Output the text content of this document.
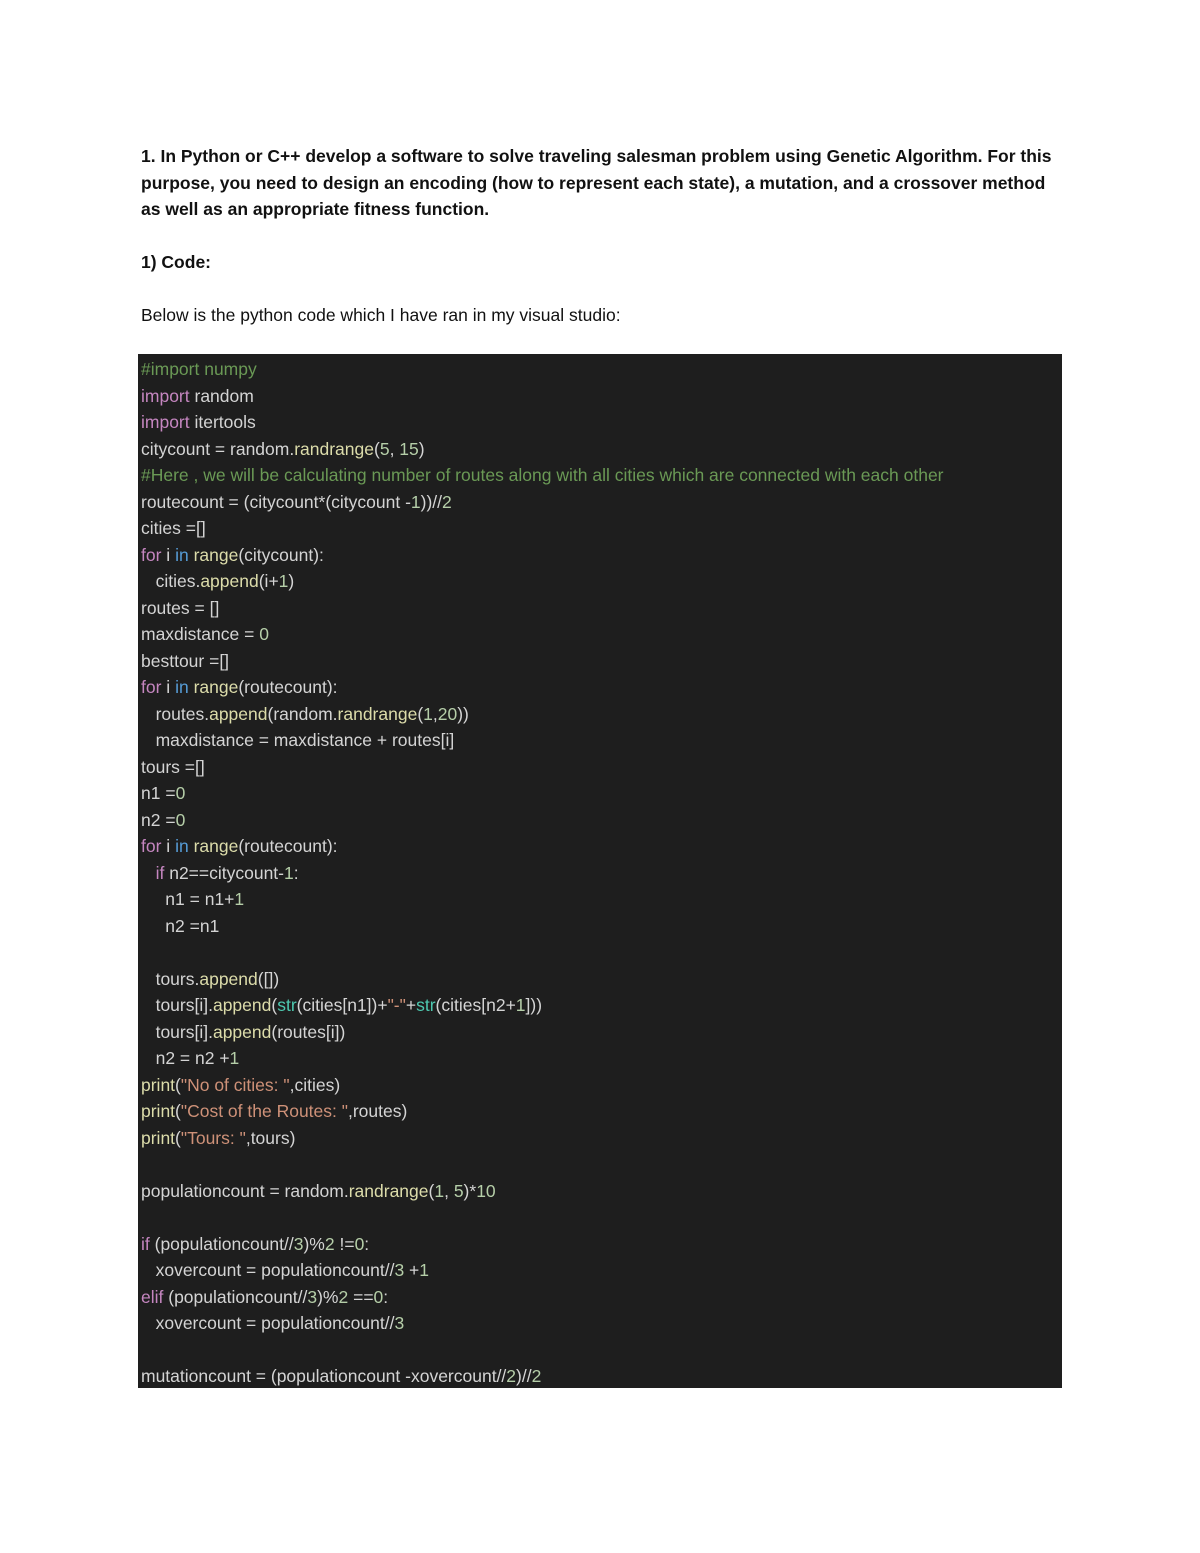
1. In Python or C++ develop a software to solve traveling salesman problem using Genetic Algorithm. For this purpose, you need to design an encoding (how to represent each state), a mutation, and a crossover method as well as an appropriate fitness function.
1) Code:
Below is the python code which I have ran in my visual studio:
#import numpy
import random
import itertools
citycount = random.randrange(5, 15)
#Here , we will be calculating number of routes along with all cities which are connected with each other
routecount = (citycount*(citycount -1))//2
cities =[]
for i in range(citycount):
cities.append(i+1)
routes = []
maxdistance = 0
besttour =[]
for i in range(routecount):
routes.append(random.randrange(1,20))
maxdistance = maxdistance + routes[i]
tours =[]
n1 =0
n2 =0
for i in range(routecount):
if n2==citycount-1:
n1 = n1+1
n2 =n1
tours.append([])
tours[i].append(str(cities[n1])+"-"+str(cities[n2+1]))
tours[i].append(routes[i])
n2 = n2 +1
print("No of cities: ",cities)
print("Cost of the Routes: ",routes)
print("Tours: ",tours)
populationcount = random.randrange(1, 5)*10
if (populationcount//3)%2 !=0:
xovercount = populationcount//3 +1
elif (populationcount//3)%2 ==0:
xovercount = populationcount//3
mutationcount = (populationcount -xovercount//2)//2
